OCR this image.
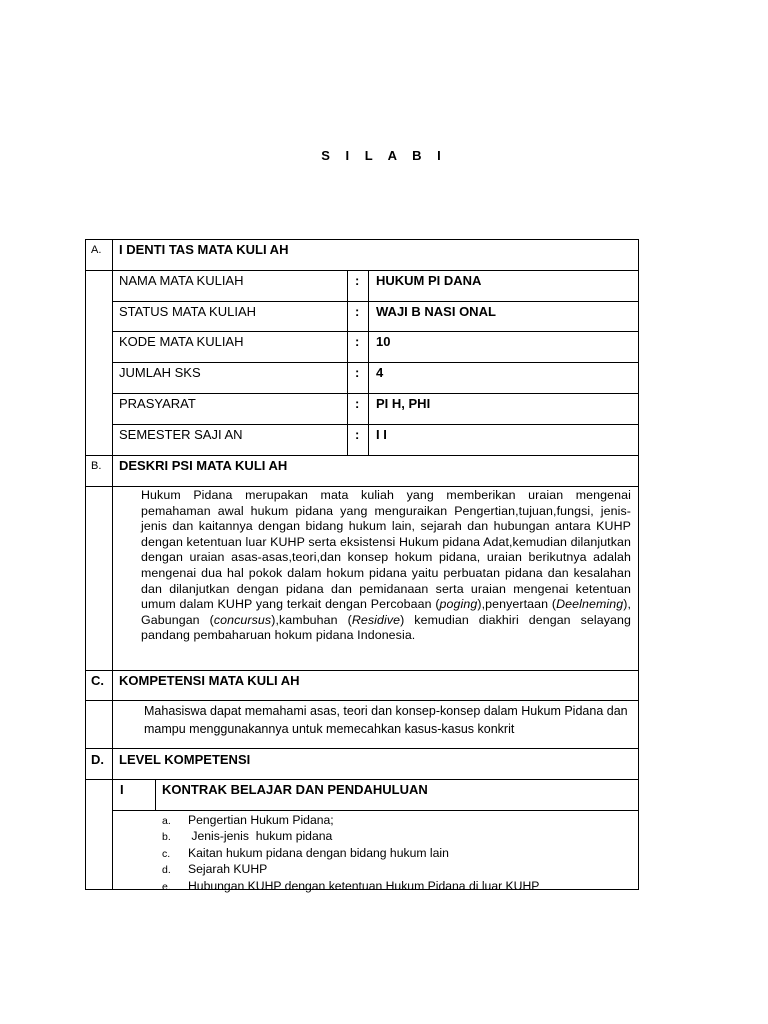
S I L A B I
A. I DENTI TAS MATA KULI AH
NAMA MATA KULIAH	: HUKUM PI DANA
STATUS MATA KULIAH	: WAJI B NASI ONAL
KODE MATA KULIAH	: 10
JUMLAH SKS	: 4
PRASYARAT	: PI H, PHI
SEMESTER SAJI AN	: I I
B. DESKRI PSI MATA KULI AH
Hukum Pidana merupakan mata kuliah yang memberikan uraian mengenai pemahaman awal hukum pidana yang menguraikan Pengertian,tujuan,fungsi, jenis-jenis dan kaitannya dengan bidang hukum lain, sejarah dan hubungan antara KUHP dengan ketentuan luar KUHP serta eksistensi Hukum pidana Adat,kemudian dilanjutkan dengan uraian asas-asas,teori,dan konsep hokum pidana, uraian berikutnya adalah mengenai dua hal pokok dalam hokum pidana yaitu perbuatan pidana dan kesalahan dan dilanjutkan dengan pidana dan pemidanaan serta uraian mengenai ketentuan umum dalam KUHP yang terkait dengan Percobaan (poging),penyertaan (Deelneming), Gabungan (concursus),kambuhan (Residive) kemudian diakhiri dengan selayang pandang pembaharuan hokum pidana Indonesia.
C. KOMPETENSI MATA KULI AH
Mahasiswa dapat memahami asas, teori dan konsep-konsep dalam Hukum Pidana dan mampu menggunakannya untuk memecahkan kasus-kasus konkrit
D. LEVEL KOMPETENSI
I	KONTRAK BELAJAR DAN PENDAHULUAN
a. Pengertian Hukum Pidana;
b. Jenis-jenis  hukum pidana
c. Kaitan hukum pidana dengan bidang hukum lain
d. Sejarah KUHP
e. Hubungan KUHP dengan ketentuan Hukum Pidana di luar KUHP
